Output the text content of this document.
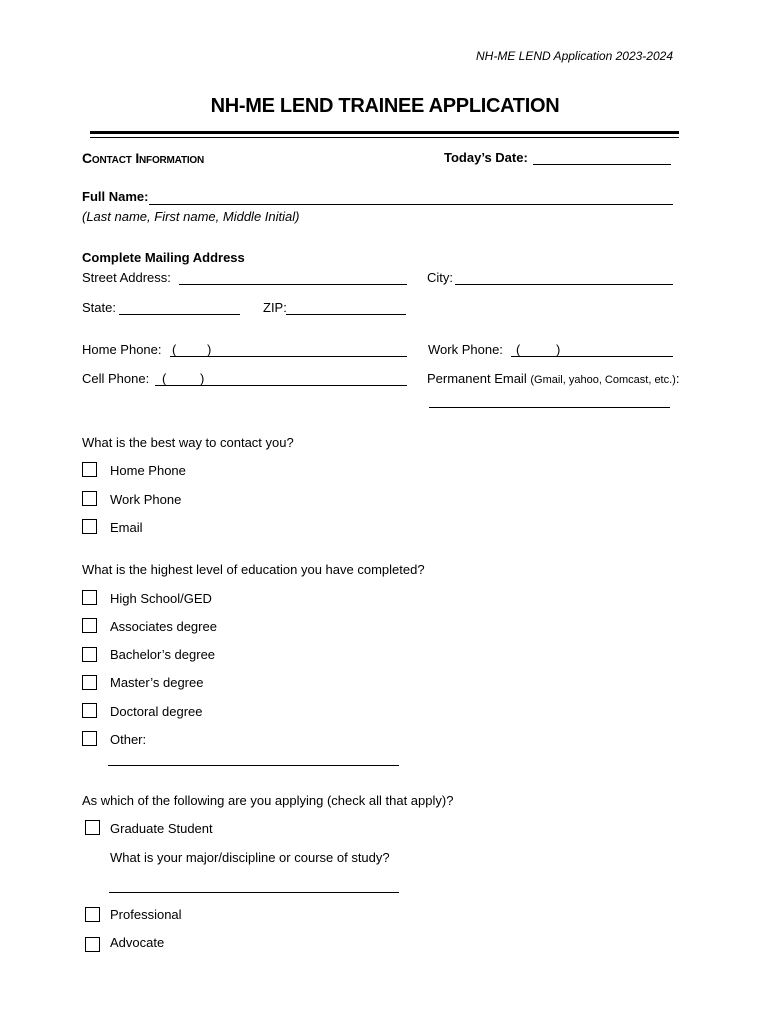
NH-ME LEND Application 2023-2024
NH-ME LEND TRAINEE APPLICATION
Contact Information	Today’s Date:
Full Name:
(Last name, First name, Middle Initial)
Complete Mailing Address
Street Address:	City:
State:	ZIP:
Home Phone: ( )	Work Phone: (	)
Cell Phone: (	)	Permanent Email (Gmail, yahoo, Comcast, etc.):
What is the best way to contact you?
Home Phone
Work Phone
Email
What is the highest level of education you have completed?
High School/GED
Associates degree
Bachelor’s degree
Master’s degree
Doctoral degree
Other:
As which of the following are you applying (check all that apply)?
Graduate Student
What is your major/discipline or course of study?
Professional
Advocate
